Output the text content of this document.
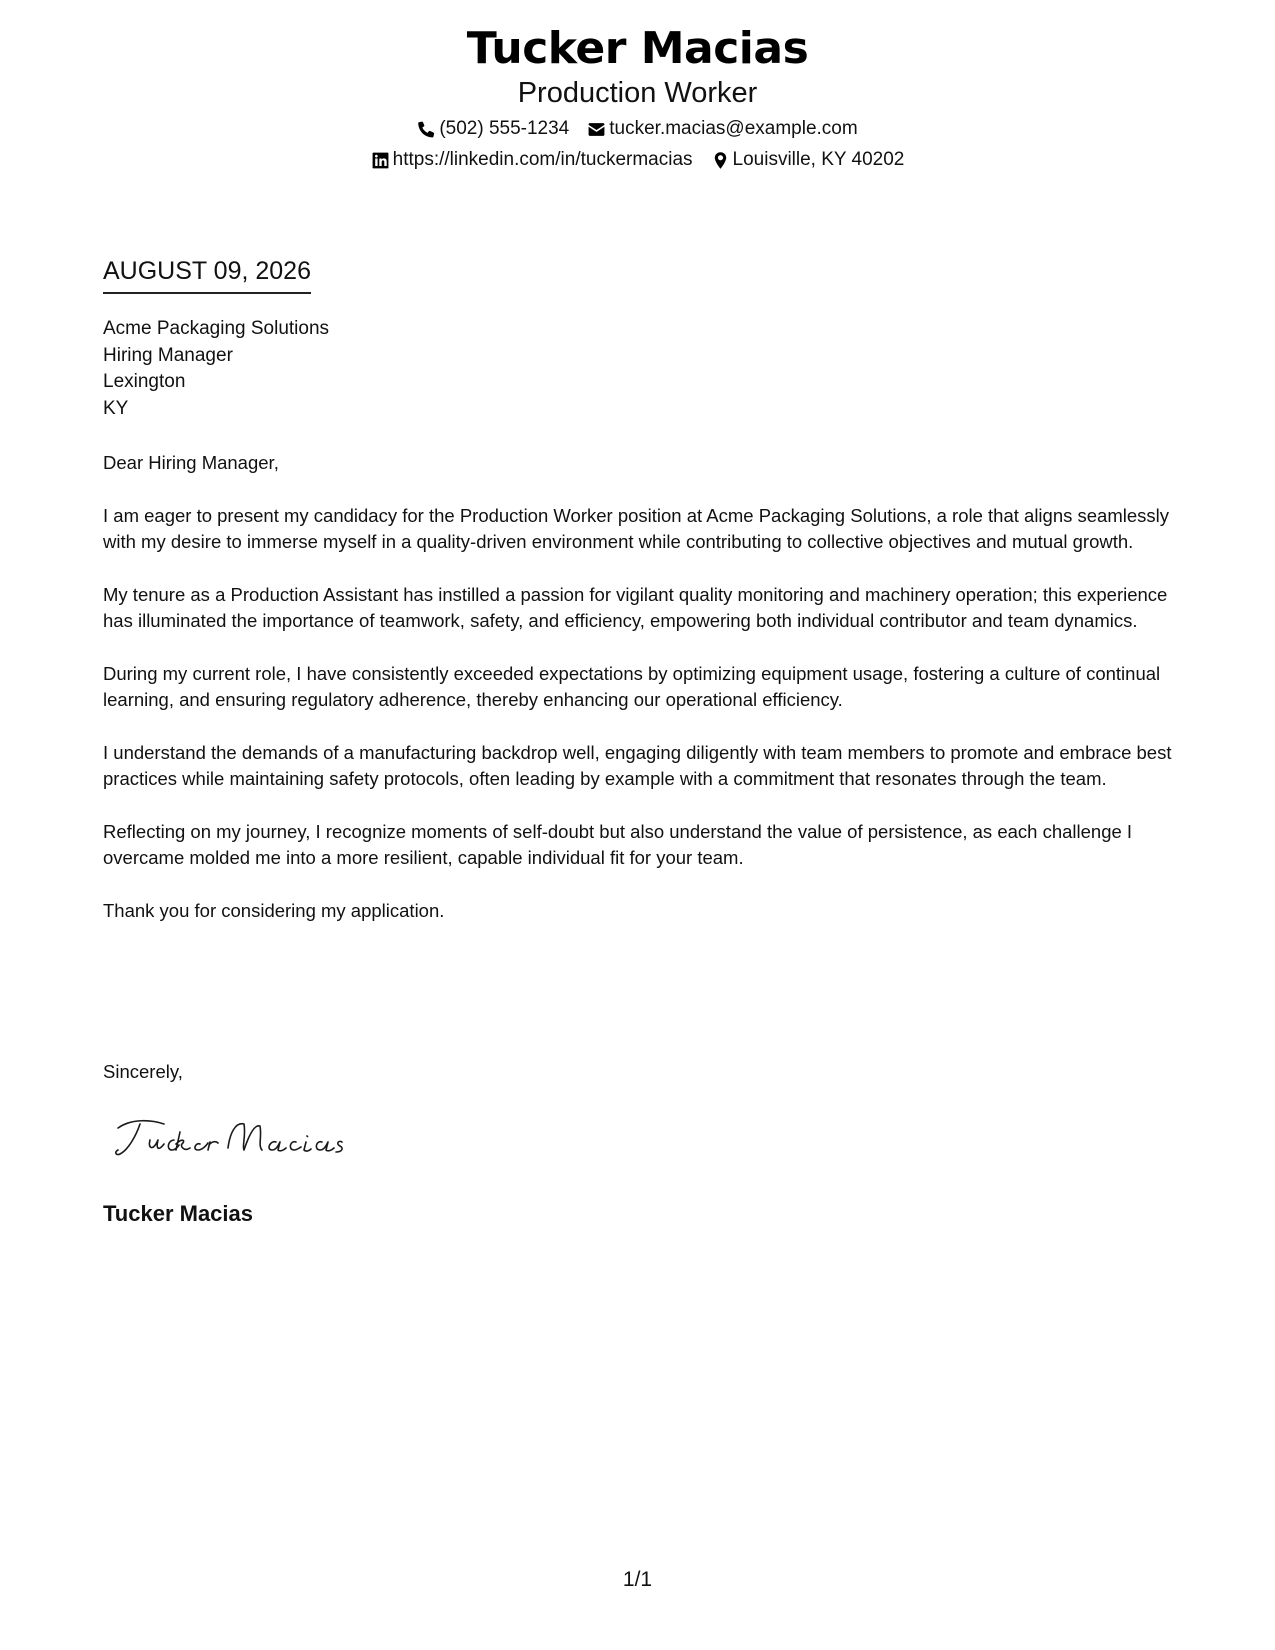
Tucker Macias
Production Worker
(502) 555-1234 tucker.macias@example.com
https://linkedin.com/in/tuckermacias Louisville, KY 40202
AUGUST 09, 2026
Acme Packaging Solutions
Hiring Manager
Lexington
KY

Dear Hiring Manager,

I am eager to present my candidacy for the Production Worker position at Acme Packaging Solutions, a role that aligns seamlessly with my desire to immerse myself in a quality-driven environment while contributing to collective objectives and mutual growth.

My tenure as a Production Assistant has instilled a passion for vigilant quality monitoring and machinery operation; this experience has illuminated the importance of teamwork, safety, and efficiency, empowering both individual contributor and team dynamics.

During my current role, I have consistently exceeded expectations by optimizing equipment usage, fostering a culture of continual learning, and ensuring regulatory adherence, thereby enhancing our operational efficiency.

I understand the demands of a manufacturing backdrop well, engaging diligently with team members to promote and embrace best practices while maintaining safety protocols, often leading by example with a commitment that resonates through the team.

Reflecting on my journey, I recognize moments of self-doubt but also understand the value of persistence, as each challenge I overcame molded me into a more resilient, capable individual fit for your team.

Thank you for considering my application.

Sincerely,
Tucker Macias
1/1
